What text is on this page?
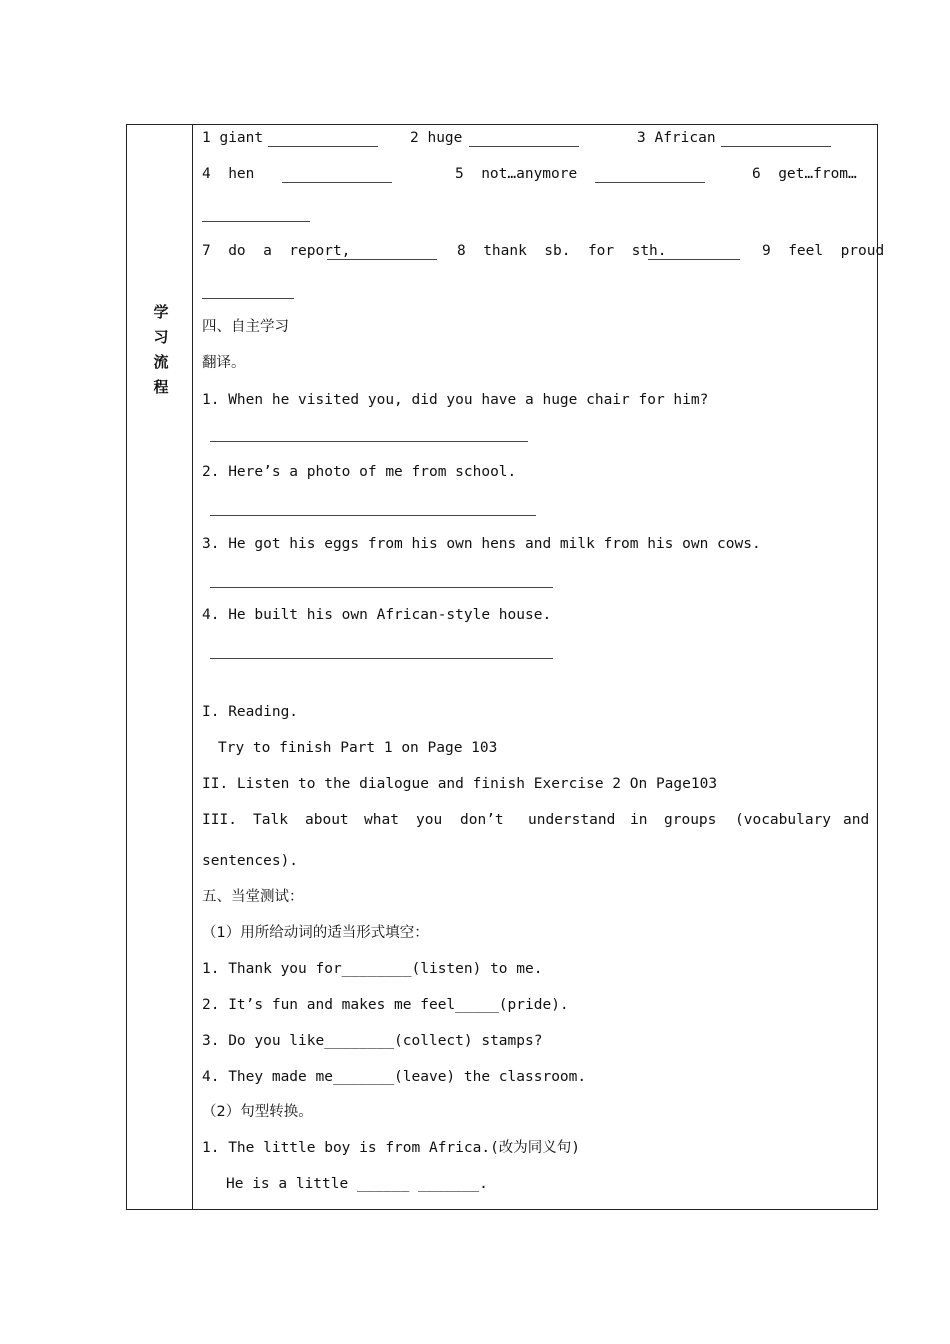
学
习
流
程
1 giant	2 huge	3 African
4  hen	5  not…anymore	6  get…from…
7  do  a  report,	8  thank  sb.  for  sth.	9  feel  proud
四、自主学习
翻译。
1. When he visited you, did you have a huge chair for him?
2. Here’s a photo of me from school.
3. He got his eggs from his own hens and milk from his own cows.
4. He built his own African-style house.
I. Reading.
Try to finish Part 1 on Page 103
II. Listen to the dialogue and finish Exercise 2 On Page103
III. Talk about what you don’t understand in groups (vocabulary and
sentences).
五、当堂测试：
（1）用所给动词的适当形式填空：
1. Thank you for________(listen) to me.
2. It’s fun and makes me feel_____(pride).
3. Do you like________(collect) stamps?
4. They made me_______(leave) the classroom.
（2）句型转换。
1. The little boy is from Africa.(改为同义句)
He is a little ______ _______.
